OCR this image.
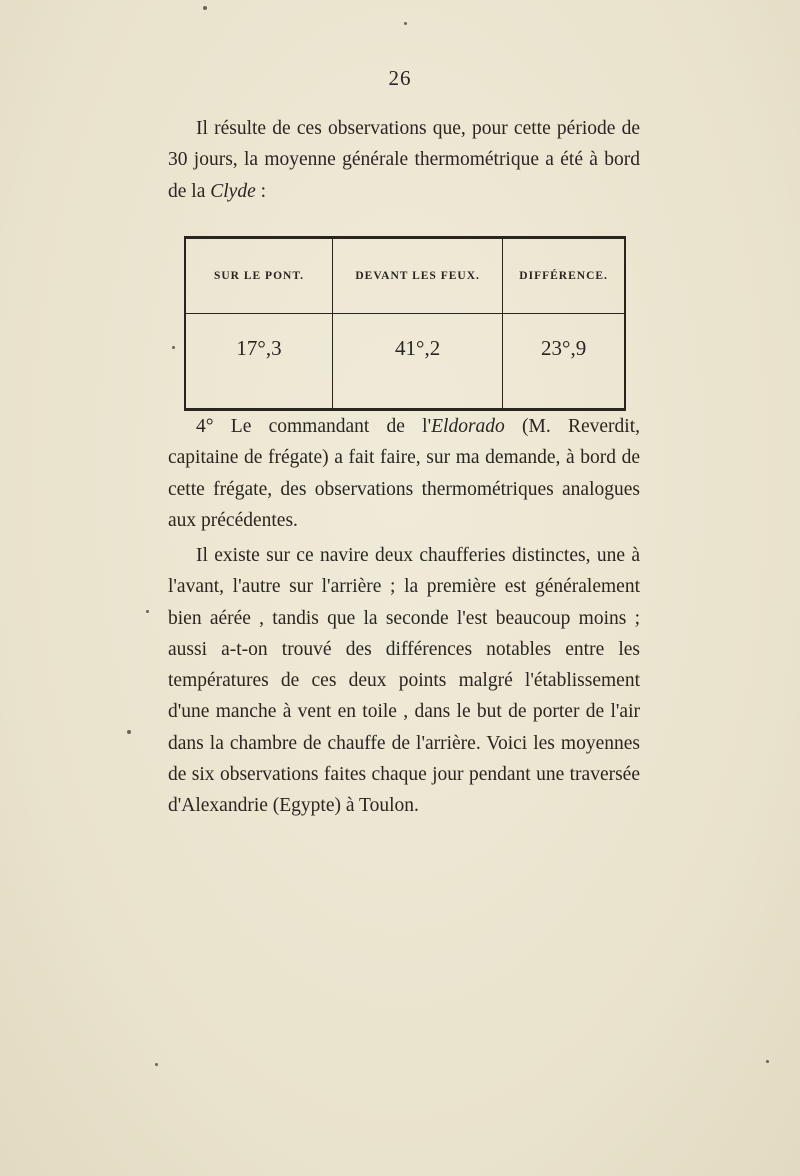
26

Il résulte de ces observations que, pour cette période de 30 jours, la moyenne générale thermométrique a été à bord de la Clyde :

SUR LE PONT.	DEVANT LES FEUX.	DIFFÉRENCE.
17°,3	41°,2	23°,9

4° Le commandant de l'Eldorado (M. Reverdit, capitaine de frégate) a fait faire, sur ma demande, à bord de cette frégate, des observations thermométriques analogues aux précédentes.

Il existe sur ce navire deux chaufferies distinctes, une à l'avant, l'autre sur l'arrière ; la première est généralement bien aérée , tandis que la seconde l'est beaucoup moins ; aussi a-t-on trouvé des différences notables entre les températures de ces deux points malgré l'établissement d'une manche à vent en toile , dans le but de porter de l'air dans la chambre de chauffe de l'arrière. Voici les moyennes de six observations faites chaque jour pendant une traversée d'Alexandrie (Egypte) à Toulon.
